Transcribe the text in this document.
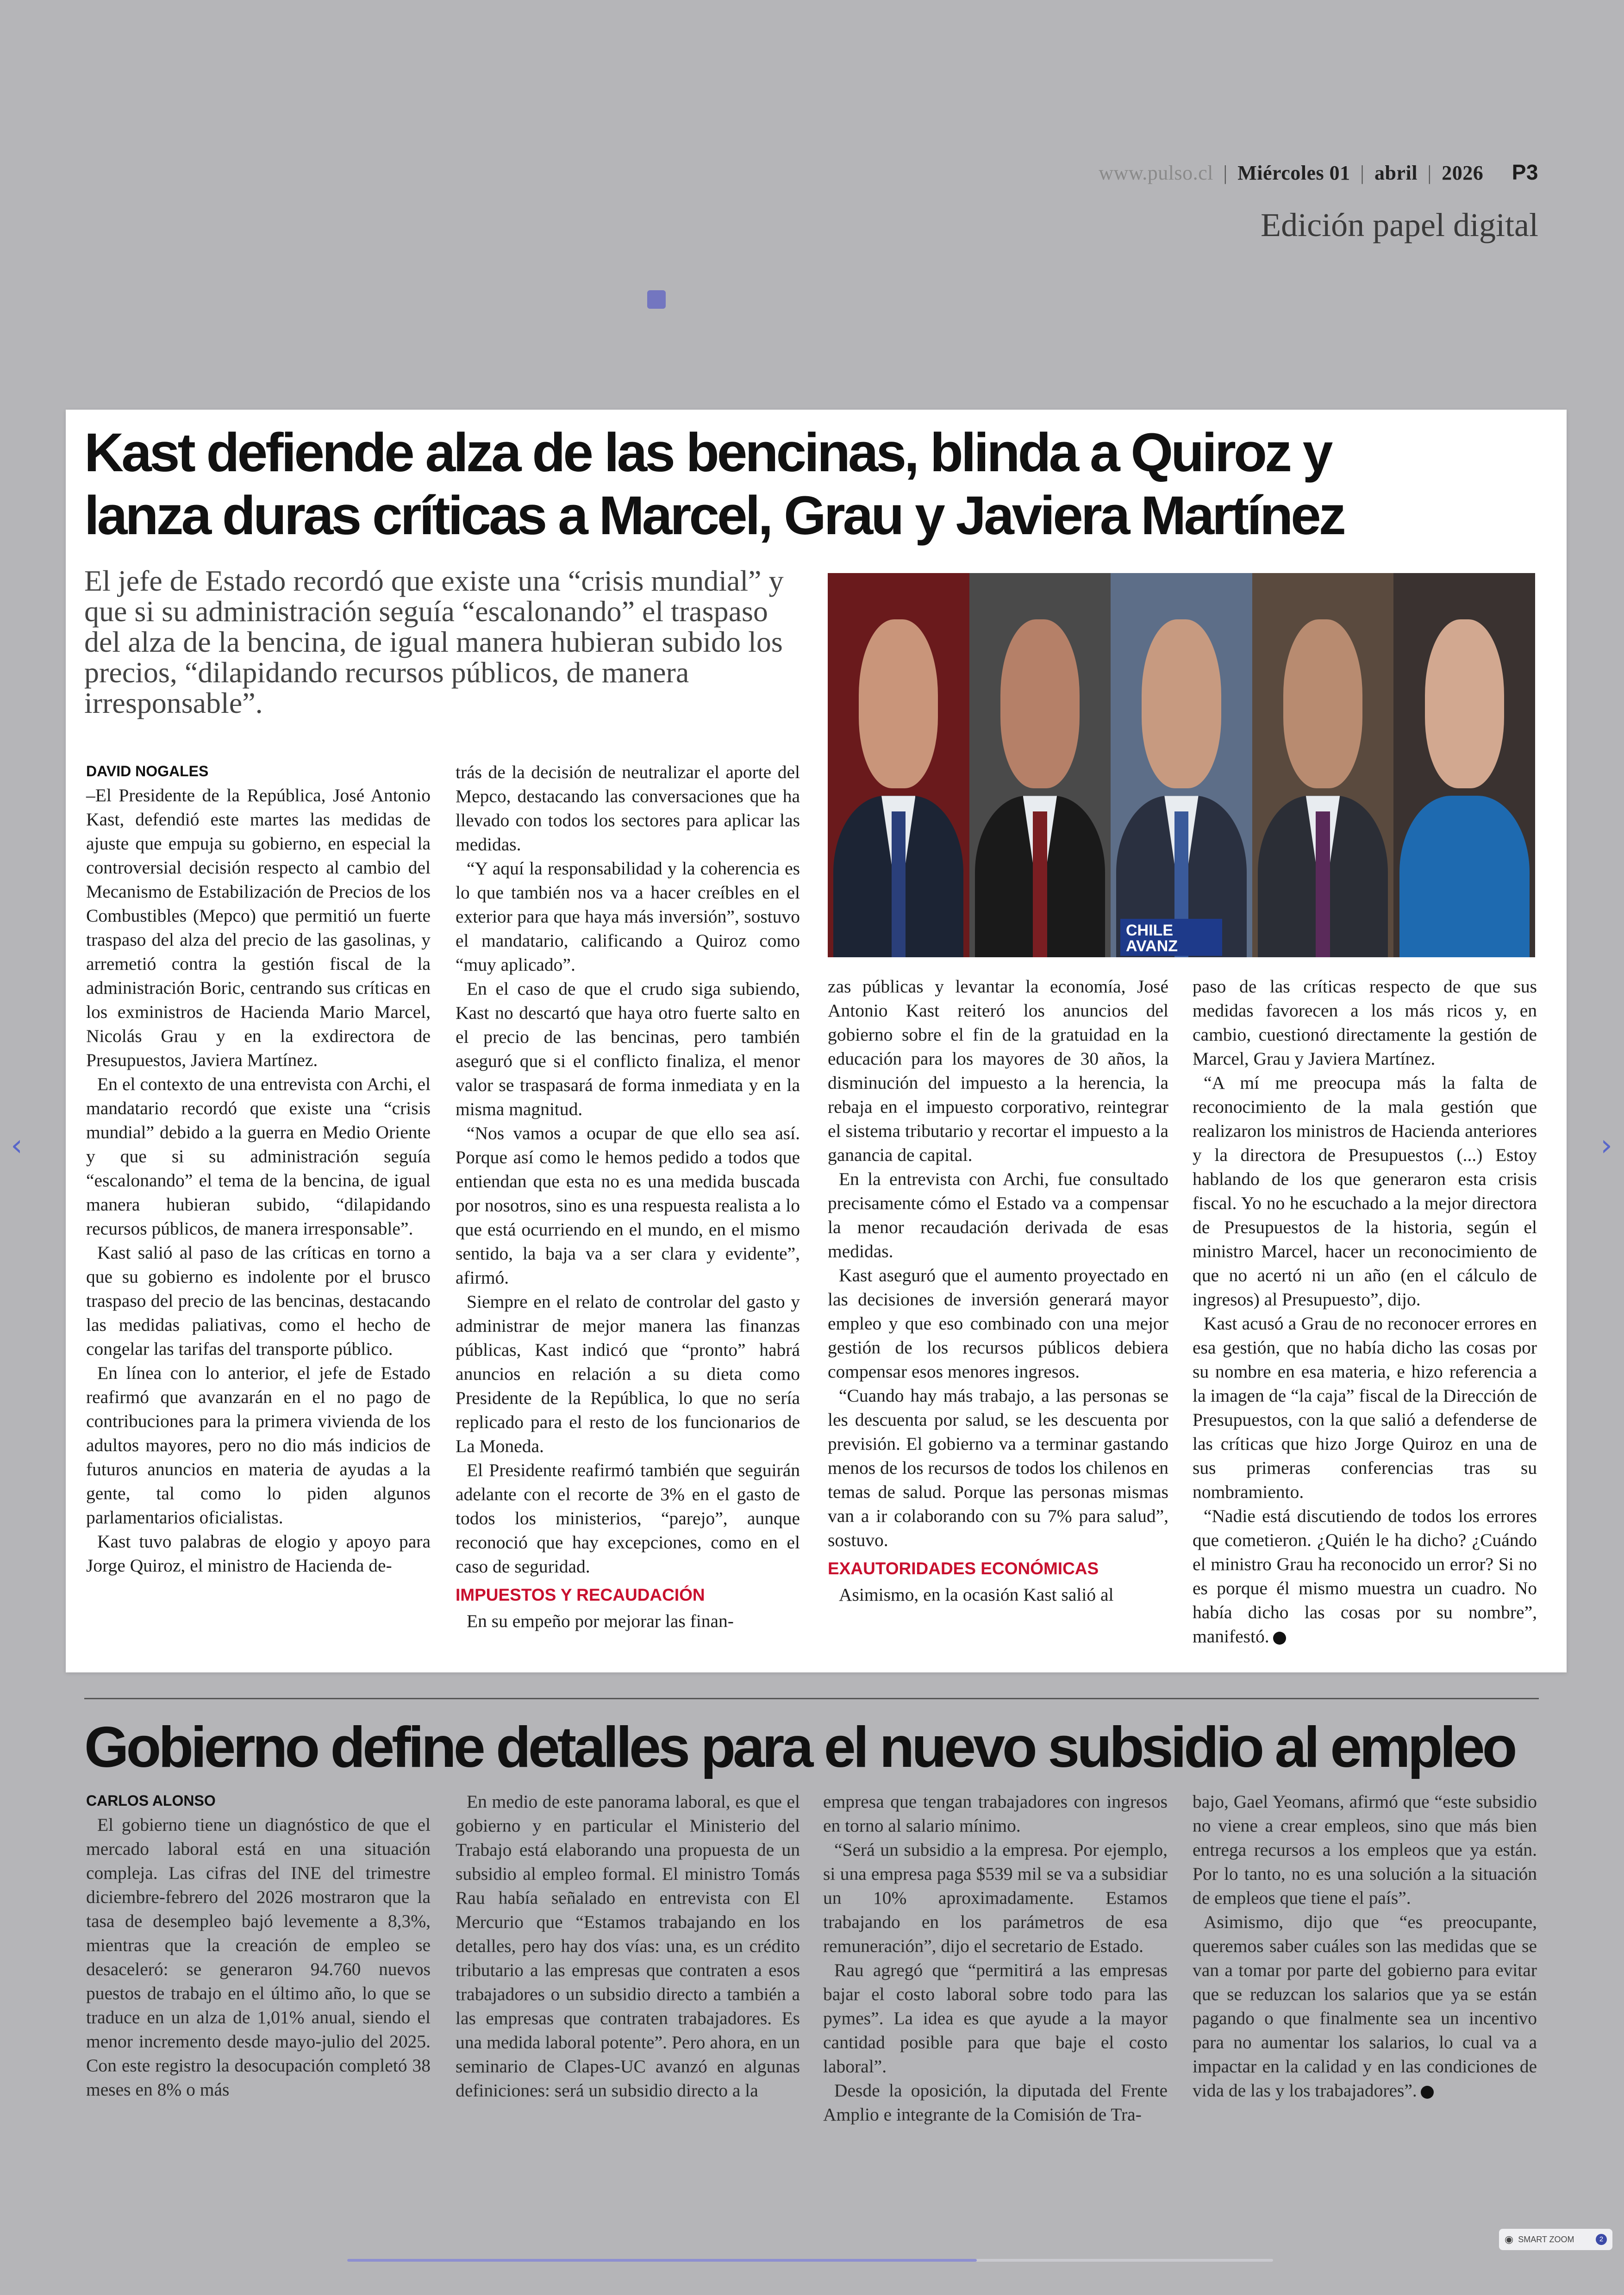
www.pulso.cl | Miércoles 01 | abril | 2026 P3
Edición papel digital
Kast defiende alza de las bencinas, blinda a Quiroz y
lanza duras críticas a Marcel, Grau y Javiera Martínez
El jefe de Estado recordó que existe una “crisis mundial” y que si su administración seguía “escalonando” el traspaso del alza de la bencina, de igual manera hubieran subido los precios, “dilapidando recursos públicos, de manera irresponsable”.
CHILE
AVANZ
DAVID NOGALES

–El Presidente de la República, José Antonio Kast, defendió este martes las medidas de ajuste que empuja su gobierno, en especial la controversial decisión respecto al cambio del Mecanismo de Estabilización de Precios de los Combustibles (Mepco) que permitió un fuerte traspaso del alza del precio de las gasolinas, y arremetió contra la gestión fiscal de la administración Boric, centrando sus críticas en los exministros de Hacienda Mario Marcel, Nicolás Grau y en la exdirectora de Presupuestos, Javiera Martínez.

En el contexto de una entrevista con Archi, el mandatario recordó que existe una “crisis mundial” debido a la guerra en Medio Oriente y que si su administración seguía “escalonando” el tema de la bencina, de igual manera hubieran subido, “dilapidando recursos públicos, de manera irresponsable”.

Kast salió al paso de las críticas en torno a que su gobierno es indolente por el brusco traspaso del precio de las bencinas, destacando las medidas paliativas, como el hecho de congelar las tarifas del transporte público.

En línea con lo anterior, el jefe de Estado reafirmó que avanzarán en el no pago de contribuciones para la primera vivienda de los adultos mayores, pero no dio más indicios de futuros anuncios en materia de ayudas a la gente, tal como lo piden algunos parlamentarios oficialistas.

Kast tuvo palabras de elogio y apoyo para Jorge Quiroz, el ministro de Hacienda de-

trás de la decisión de neutralizar el aporte del Mepco, destacando las conversaciones que ha llevado con todos los sectores para aplicar las medidas.

“Y aquí la responsabilidad y la coherencia es lo que también nos va a hacer creíbles en el exterior para que haya más inversión”, sostuvo el mandatario, calificando a Quiroz como “muy aplicado”.

En el caso de que el crudo siga subiendo, Kast no descartó que haya otro fuerte salto en el precio de las bencinas, pero también aseguró que si el conflicto finaliza, el menor valor se traspasará de forma inmediata y en la misma magnitud.

“Nos vamos a ocupar de que ello sea así. Porque así como le hemos pedido a todos que entiendan que esta no es una medida buscada por nosotros, sino es una respuesta realista a lo que está ocurriendo en el mundo, en el mismo sentido, la baja va a ser clara y evidente”, afirmó.

Siempre en el relato de controlar del gasto y administrar de mejor manera las finanzas públicas, Kast indicó que “pronto” habrá anuncios en relación a su dieta como Presidente de la República, lo que no sería replicado para el resto de los funcionarios de La Moneda.

El Presidente reafirmó también que seguirán adelante con el recorte de 3% en el gasto de todos los ministerios, “parejo”, aunque reconoció que hay excepciones, como en el caso de seguridad.

IMPUESTOS Y RECAUDACIÓN

En su empeño por mejorar las finan-

zas públicas y levantar la economía, José Antonio Kast reiteró los anuncios del gobierno sobre el fin de la gratuidad en la educación para los mayores de 30 años, la disminución del impuesto a la herencia, la rebaja en el impuesto corporativo, reintegrar el sistema tributario y recortar el impuesto a la ganancia de capital.

En la entrevista con Archi, fue consultado precisamente cómo el Estado va a compensar la menor recaudación derivada de esas medidas.

Kast aseguró que el aumento proyectado en las decisiones de inversión generará mayor empleo y que eso combinado con una mejor gestión de los recursos públicos debiera compensar esos menores ingresos.

“Cuando hay más trabajo, a las personas se les descuenta por salud, se les descuenta por previsión. El gobierno va a terminar gastando menos de los recursos de todos los chilenos en temas de salud. Porque las personas mismas van a ir colaborando con su 7% para salud”, sostuvo.

EXAUTORIDADES ECONÓMICAS

Asimismo, en la ocasión Kast salió al

paso de las críticas respecto de que sus medidas favorecen a los más ricos y, en cambio, cuestionó directamente la gestión de Marcel, Grau y Javiera Martínez.

“A mí me preocupa más la falta de reconocimiento de la mala gestión que realizaron los ministros de Hacienda anteriores y la directora de Presupuestos (...) Estoy hablando de los que generaron esta crisis fiscal. Yo no he escuchado a la mejor directora de Presupuestos de la historia, según el ministro Marcel, hacer un reconocimiento de que no acertó ni un año (en el cálculo de ingresos) al Presupuesto”, dijo.

Kast acusó a Grau de no reconocer errores en esa gestión, que no había dicho las cosas por su nombre en esa materia, e hizo referencia a la imagen de “la caja” fiscal de la Dirección de Presupuestos, con la que salió a defenderse de las críticas que hizo Jorge Quiroz en una de sus primeras conferencias tras su nombramiento.

“Nadie está discutiendo de todos los errores que cometieron. ¿Quién le ha dicho? ¿Cuándo el ministro Grau ha reconocido un error? Si no es porque él mismo muestra un cuadro. No había dicho las cosas por su nombre”, manifestó.

Gobierno define detalles para el nuevo subsidio al empleo
CARLOS ALONSO

El gobierno tiene un diagnóstico de que el mercado laboral está en una situación compleja. Las cifras del INE del trimestre diciembre-febrero del 2026 mostraron que la tasa de desempleo bajó levemente a 8,3%, mientras que la creación de empleo se desaceleró: se generaron 94.760 nuevos puestos de trabajo en el último año, lo que se traduce en un alza de 1,01% anual, siendo el menor incremento desde mayo-julio del 2025. Con este registro la desocupación completó 38 meses en 8% o más

En medio de este panorama laboral, es que el gobierno y en particular el Ministerio del Trabajo está elaborando una propuesta de un subsidio al empleo formal. El ministro Tomás Rau había señalado en entrevista con El Mercurio que “Estamos trabajando en los detalles, pero hay dos vías: una, es un crédito tributario a las empresas que contraten a esos trabajadores o un subsidio directo a también a las empresas que contraten trabajadores. Es una medida laboral potente”. Pero ahora, en un seminario de Clapes-UC avanzó en algunas definiciones: será un subsidio directo a la

empresa que tengan trabajadores con ingresos en torno al salario mínimo.

“Será un subsidio a la empresa. Por ejemplo, si una empresa paga $539 mil se va a subsidiar un 10% aproximadamente. Estamos trabajando en los parámetros de esa remuneración”, dijo el secretario de Estado.

Rau agregó que “permitirá a las empresas bajar el costo laboral sobre todo para las pymes”. La idea es que ayude a la mayor cantidad posible para que baje el costo laboral”.

Desde la oposición, la diputada del Frente Amplio e integrante de la Comisión de Tra-

bajo, Gael Yeomans, afirmó que “este subsidio no viene a crear empleos, sino que más bien entrega recursos a los empleos que ya están. Por lo tanto, no es una solución a la situación de empleos que tiene el país”.

Asimismo, dijo que “es preocupante, queremos saber cuáles son las medidas que se van a tomar por parte del gobierno para evitar que se reduzcan los salarios que ya se están pagando o que finalmente sea un incentivo para no aumentar los salarios, lo cual va a impactar en la calidad y en las condiciones de vida de las y los trabajadores”.

‹	›
◉ SMART ZOOM	2
